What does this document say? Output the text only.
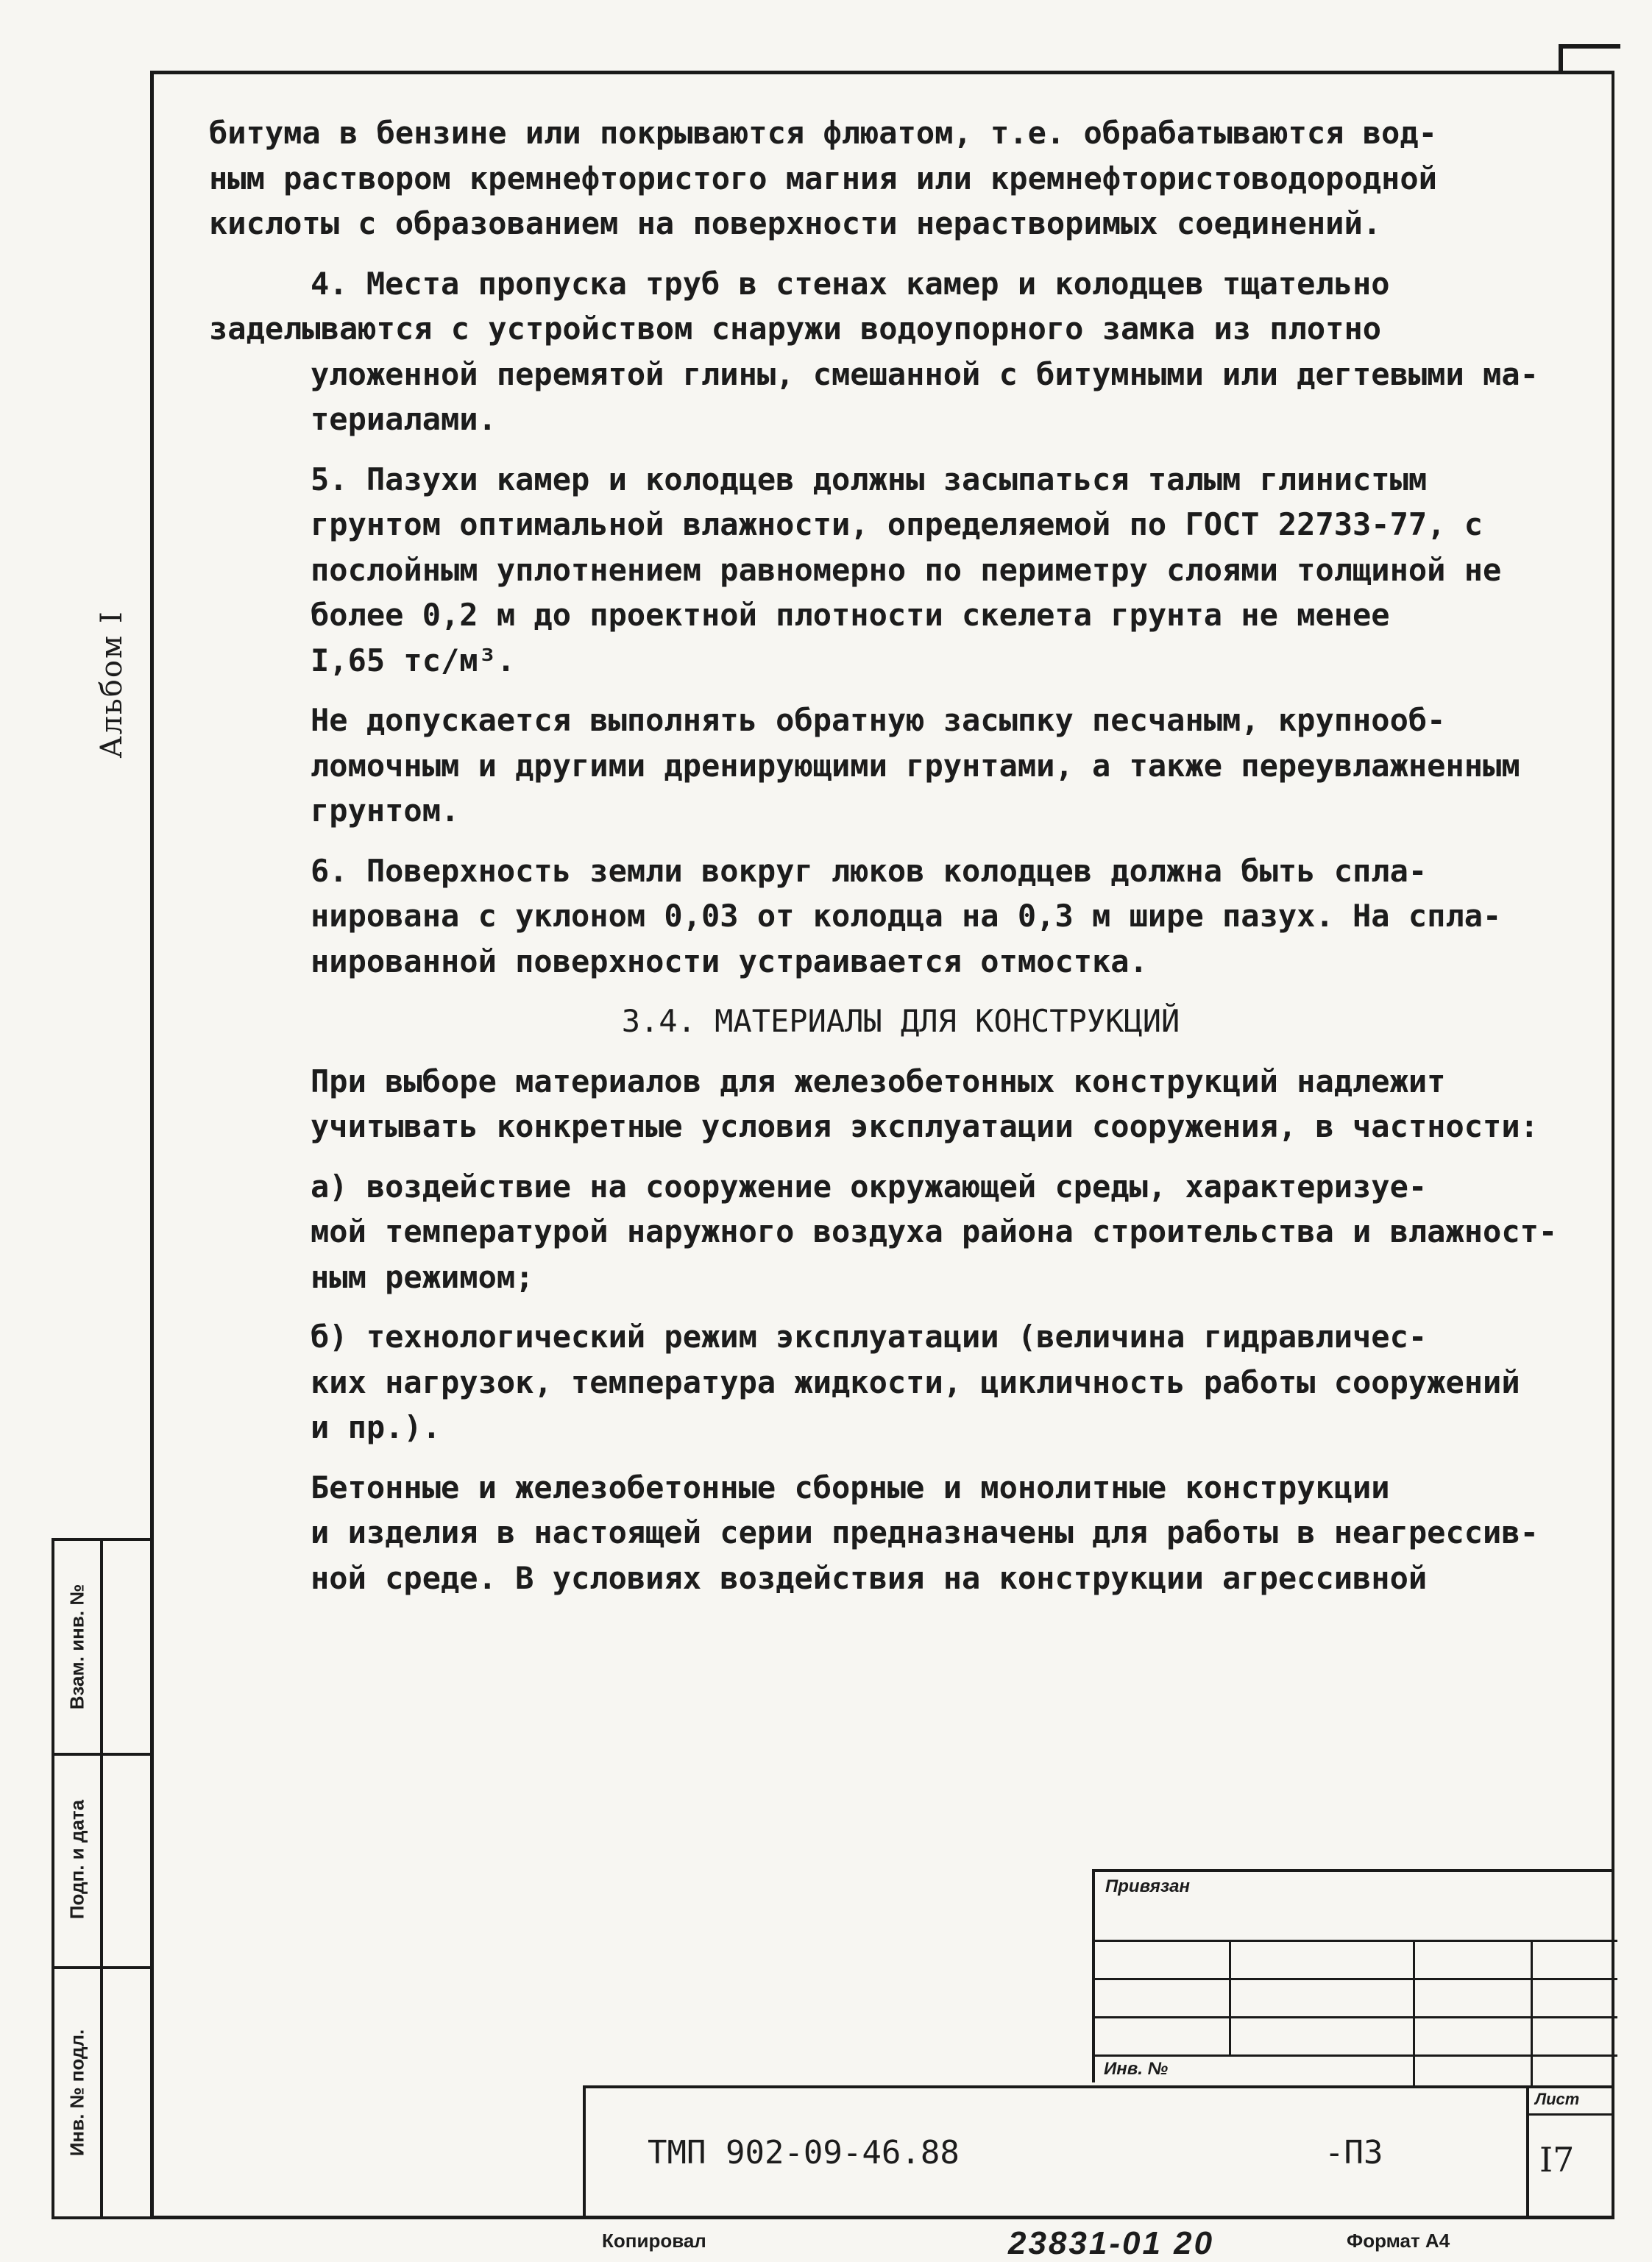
Альбом I
Взам. инв. №
Подп. и дата
Инв. № подл.

битума в бензине или покрываются флюатом, т.е. обрабатываются вод-
ным раствором кремнефтористого магния или кремнефтористоводородной
кислоты с образованием на поверхности нерастворимых соединений.

4. Места пропуска труб в стенах камер и колодцев тщательно
заделываются с устройством снаружи водоупорного замка из плотно
уложенной перемятой глины, смешанной с битумными или дегтевыми ма-
териалами.

5. Пазухи камер и колодцев должны засыпаться талым глинистым
грунтом оптимальной влажности, определяемой по ГОСТ 22733-77, с
послойным уплотнением равномерно по периметру слоями толщиной не
более 0,2 м до проектной плотности скелета грунта не менее
I,65 тс/м³.

Не допускается выполнять обратную засыпку песчаным, крупнооб-
ломочным и другими дренирующими грунтами, а также переувлажненным
грунтом.

6. Поверхность земли вокруг люков колодцев должна быть спла-
нирована с уклоном 0,03 от колодца на 0,3 м шире пазух. На спла-
нированной поверхности устраивается отмостка.

3.4. МАТЕРИАЛЫ ДЛЯ КОНСТРУКЦИЙ

При выборе материалов для железобетонных конструкций надлежит
учитывать конкретные условия эксплуатации сооружения, в частности:

а) воздействие на сооружение окружающей среды, характеризуе-
мой температурой наружного воздуха района строительства и влажност-
ным режимом;

б) технологический режим эксплуатации (величина гидравличес-
ких нагрузок, температура жидкости, цикличность работы сооружений
и пр.).

Бетонные и железобетонные сборные и монолитные конструкции
и изделия в настоящей серии предназначены для работы в неагрессив-
ной среде. В условиях воздействия на конструкции агрессивной

Привязан
Инв. №
ТМП 902-09-46.88	-ПЗ
Лист
I7
Копировал	23831-01 20	Формат А4
